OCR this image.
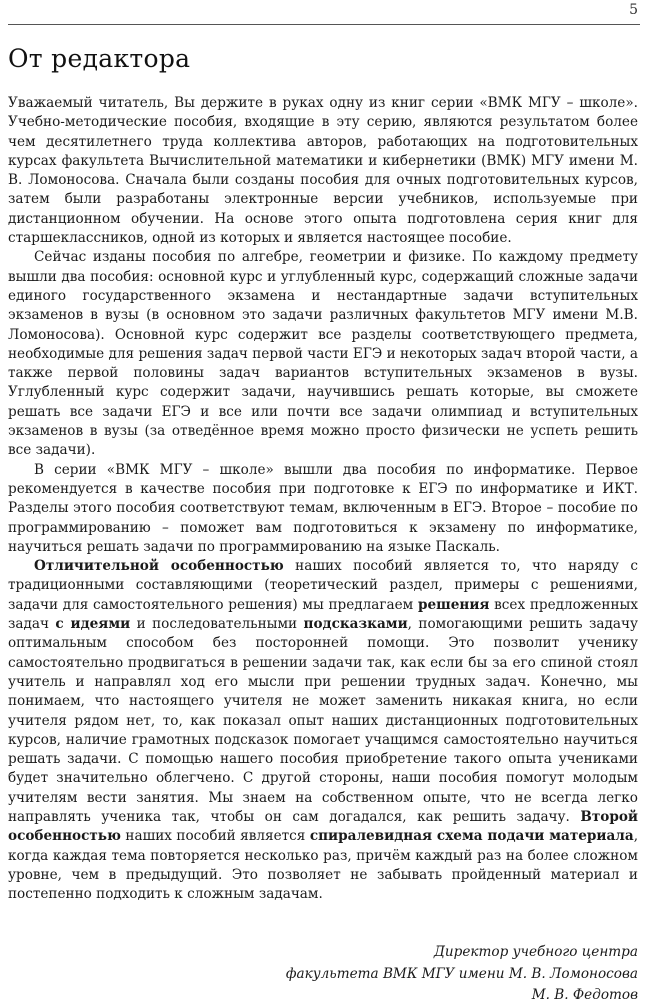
5
От редактора

Уважаемый читатель, Вы держите в руках одну из книг серии «ВМК МГУ – школе». Учебно-методические пособия, входящие в эту серию, являются результатом более чем десятилетнего труда коллектива авторов, работающих на подготовительных курсах факультета Вычислительной математики и кибернетики (ВМК) МГУ имени М. В. Ломоносова. Сначала были созданы пособия для очных подготовительных курсов, затем были разработаны электронные версии учебников, используемые при дистанционном обучении. На основе этого опыта подготовлена серия книг для старшеклассников, одной из которых и является настоящее пособие.

Сейчас изданы пособия по алгебре, геометрии и физике. По каждому предмету вышли два пособия: основной курс и углубленный курс, содержащий сложные задачи единого государственного экзамена и нестандартные задачи вступительных экзаменов в вузы (в основном это задачи различных факультетов МГУ имени М.В. Ломоносова). Основной курс содержит все разделы соответствующего предмета, необходимые для решения задач первой части ЕГЭ и некоторых задач второй части, а также первой половины задач вариантов вступительных экзаменов в вузы. Углубленный курс содержит задачи, научившись решать которые, вы сможете решать все задачи ЕГЭ и все или почти все задачи олимпиад и вступительных экзаменов в вузы (за отведённое время можно просто физически не успеть решить все задачи).

В серии «ВМК МГУ – школе» вышли два пособия по информатике. Первое рекомендуется в качестве пособия при подготовке к ЕГЭ по информатике и ИКТ. Разделы этого пособия соответствуют темам, включенным в ЕГЭ. Второе – пособие по программированию – поможет вам подготовиться к экзамену по информатике, научиться решать задачи по программированию на языке Паскаль.

Отличительной особенностью наших пособий является то, что наряду с традиционными составляющими (теоретический раздел, примеры с решениями, задачи для самостоятельного решения) мы предлагаем решения всех предложенных задач с идеями и последовательными подсказками, помогающими решить задачу оптимальным способом без посторонней помощи. Это позволит ученику самостоятельно продвигаться в решении задачи так, как если бы за его спиной стоял учитель и направлял ход его мысли при решении трудных задач. Конечно, мы понимаем, что настоящего учителя не может заменить никакая книга, но если учителя рядом нет, то, как показал опыт наших дистанционных подготовительных курсов, наличие грамотных подсказок помогает учащимся самостоятельно научиться решать задачи. С помощью нашего пособия приобретение такого опыта учениками будет значительно облегчено. С другой стороны, наши пособия помогут молодым учителям вести занятия. Мы знаем на собственном опыте, что не всегда легко направлять ученика так, чтобы он сам догадался, как решить задачу. Второй особенностью наших пособий является спиралевидная схема подачи материала, когда каждая тема повторяется несколько раз, причём каждый раз на более сложном уровне, чем в предыдущий. Это позволяет не забывать пройденный материал и постепенно подходить к сложным задачам.

Директор учебного центра
факультета ВМК МГУ имени М. В. Ломоносова
М. В. Федотов
